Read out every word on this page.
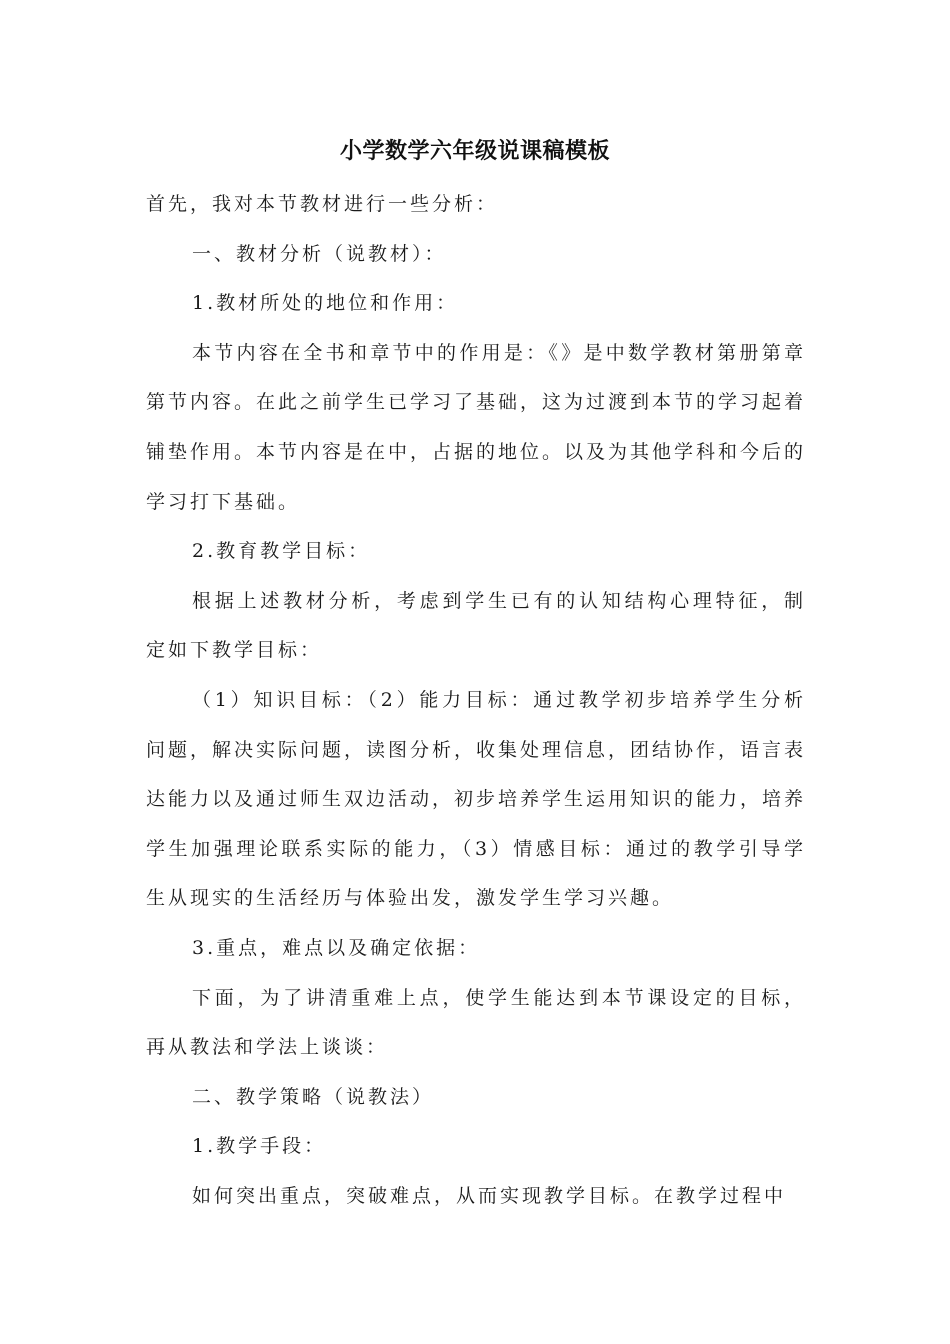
小学数学六年级说课稿模板

首先，我对本节教材进行一些分析：

一、教材分析（说教材）：

1.教材所处的地位和作用：

本节内容在全书和章节中的作用是：《》是中数学教材第册第章第节内容。在此之前学生已学习了基础，这为过渡到本节的学习起着铺垫作用。本节内容是在中，占据的地位。以及为其他学科和今后的学习打下基础。

2.教育教学目标：

根据上述教材分析，考虑到学生已有的认知结构心理特征，制定如下教学目标：

（1）知识目标：（2）能力目标：通过教学初步培养学生分析问题，解决实际问题，读图分析，收集处理信息，团结协作，语言表达能力以及通过师生双边活动，初步培养学生运用知识的能力，培养学生加强理论联系实际的能力，（3）情感目标：通过的教学引导学生从现实的生活经历与体验出发，激发学生学习兴趣。

3.重点，难点以及确定依据：

下面，为了讲清重难上点，使学生能达到本节课设定的目标，再从教法和学法上谈谈：

二、教学策略（说教法）

1.教学手段：

如何突出重点，突破难点，从而实现教学目标。在教学过程中
